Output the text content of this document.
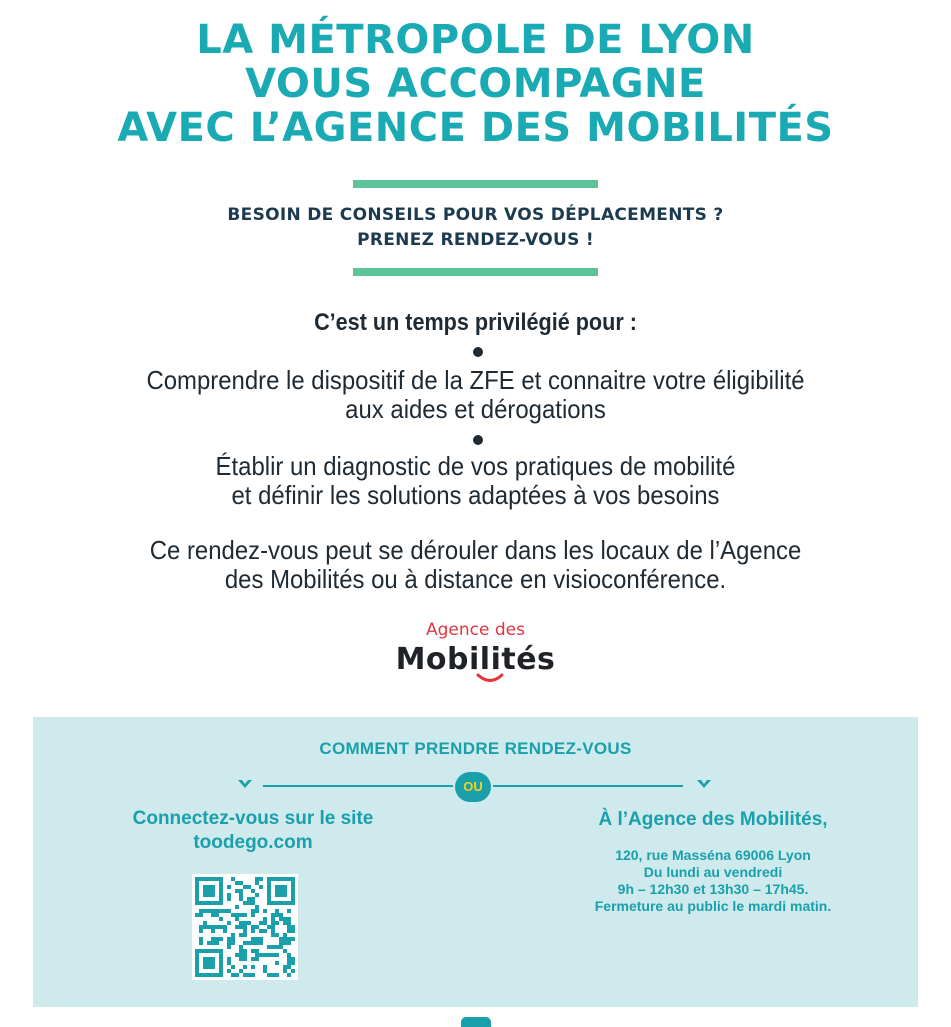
LA MÉTROPOLE DE LYON
VOUS ACCOMPAGNE
AVEC L’AGENCE DES MOBILITÉS
BESOIN DE CONSEILS POUR VOS DÉPLACEMENTS ?
PRENEZ RENDEZ-VOUS !
C’est un temps privilégié pour :
Comprendre le dispositif de la ZFE et connaitre votre éligibilité
aux aides et dérogations
Établir un diagnostic de vos pratiques de mobilité
et définir les solutions adaptées à vos besoins
Ce rendez-vous peut se dérouler dans les locaux de l’Agence
des Mobilités ou à distance en visioconférence.
Agence des
Mobilités
COMMENT PRENDRE RENDEZ-VOUS
OU
Connectez-vous sur le site
toodego.com
À l’Agence des Mobilités,
120, rue Masséna 69006 Lyon
Du lundi au vendredi
9h – 12h30 et 13h30 – 17h45.
Fermeture au public le mardi matin.
